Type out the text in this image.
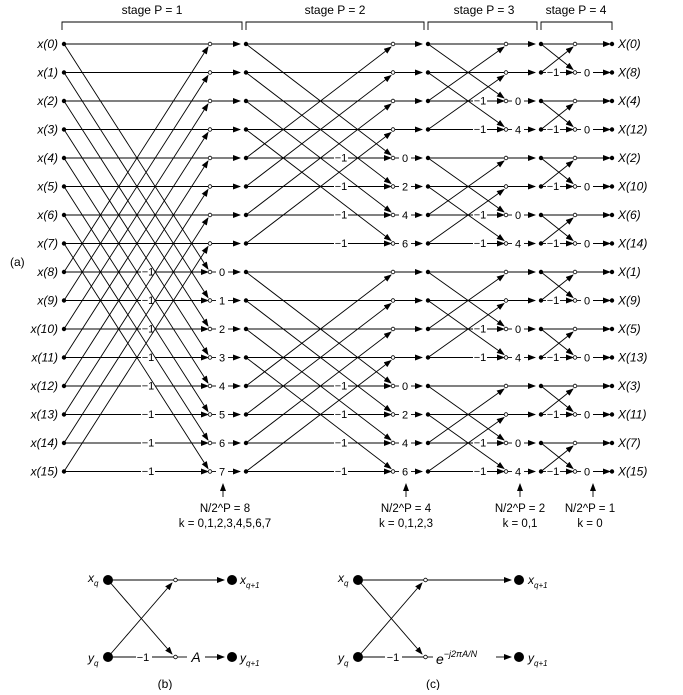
(a)
stage P = 1	stage P = 2	stage P = 3	stage P = 4
−1	0
−1	1
−1	2
−1	3
−1	4
−1	5
−1	6
−1	7
−1	0
−1	2
−1	4
−1	6
−1	0
−1	2
−1	4
−1	6
−1	0
−1	4
−1	0
−1	4
−1	0
−1	4
−1	0
−1	4
−1 0
−1 0
−1 0
−1 0
−1 0
−1 0
−1 0
−1 0
X(0)
x(0)
X(8)
x(1)
X(4)
x(2)
X(12)
x(3)
X(2)
x(4)
X(10)
x(5)
X(6)
x(6)
X(14)
x(7)
X(1)
x(8)
X(9)
x(9)
X(5)
x(10)
X(13)
x(11)
X(3)
x(12)
X(11)
x(13)
X(7)
x(14)
X(15)
x(15)
N/2^P = 8
k = 0,1,2,3,4,5,6,7
N/2^P = 4
k = 0,1,2,3
N/2^P = 2
k = 0,1
N/2^P = 1
k = 0
−1	A
$x_q$
$y_q$
$x_{q+1}$
$y_{q+1}$
(b)
−1	$e^{-j2\pi A/N}$
$x_q$
$y_q$
$x_{q+1}$
$y_{q+1}$
(c)
